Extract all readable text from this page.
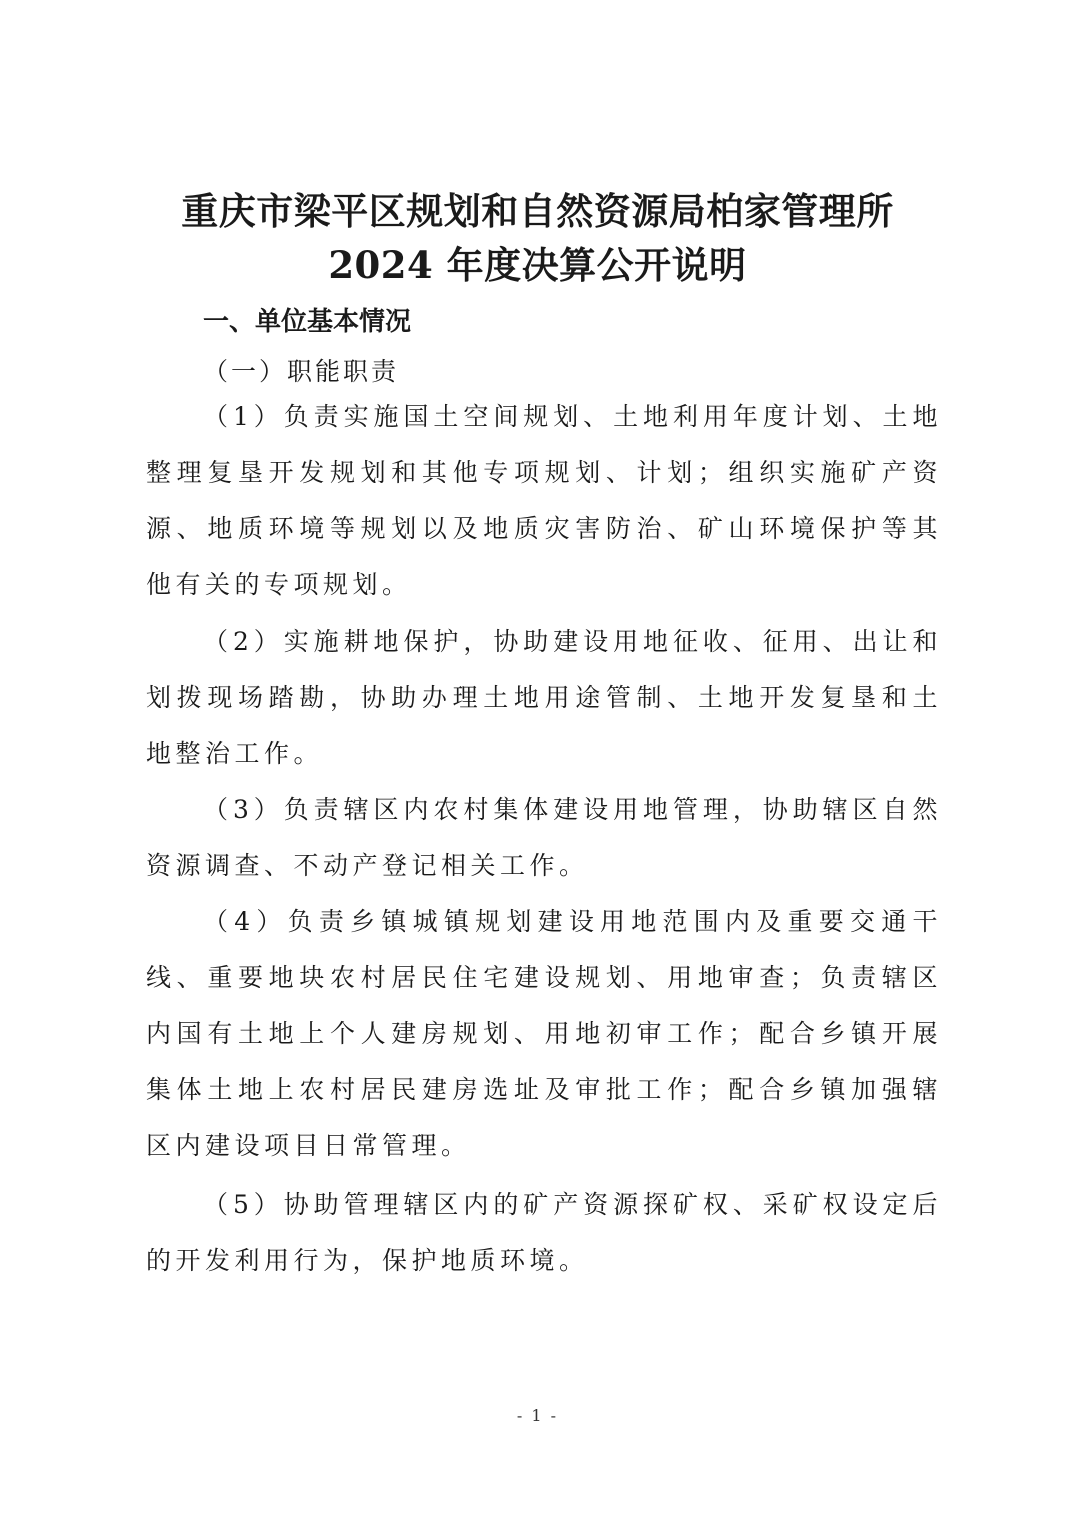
重庆市梁平区规划和自然资源局柏家管理所
2024 年度决算公开说明
一、单位基本情况
（一）职能职责

（1）负责实施国土空间规划、土地利用年度计划、土地整理复垦开发规划和其他专项规划、计划；组织实施矿产资源、地质环境等规划以及地质灾害防治、矿山环境保护等其他有关的专项规划。

（2）实施耕地保护，协助建设用地征收、征用、出让和划拨现场踏勘，协助办理土地用途管制、土地开发复垦和土地整治工作。

（3）负责辖区内农村集体建设用地管理，协助辖区自然资源调查、不动产登记相关工作。

（4）负责乡镇城镇规划建设用地范围内及重要交通干线、重要地块农村居民住宅建设规划、用地审查；负责辖区内国有土地上个人建房规划、用地初审工作；配合乡镇开展集体土地上农村居民建房选址及审批工作；配合乡镇加强辖区内建设项目日常管理。

（5）协助管理辖区内的矿产资源探矿权、采矿权设定后的开发利用行为，保护地质环境。

- 1 -
